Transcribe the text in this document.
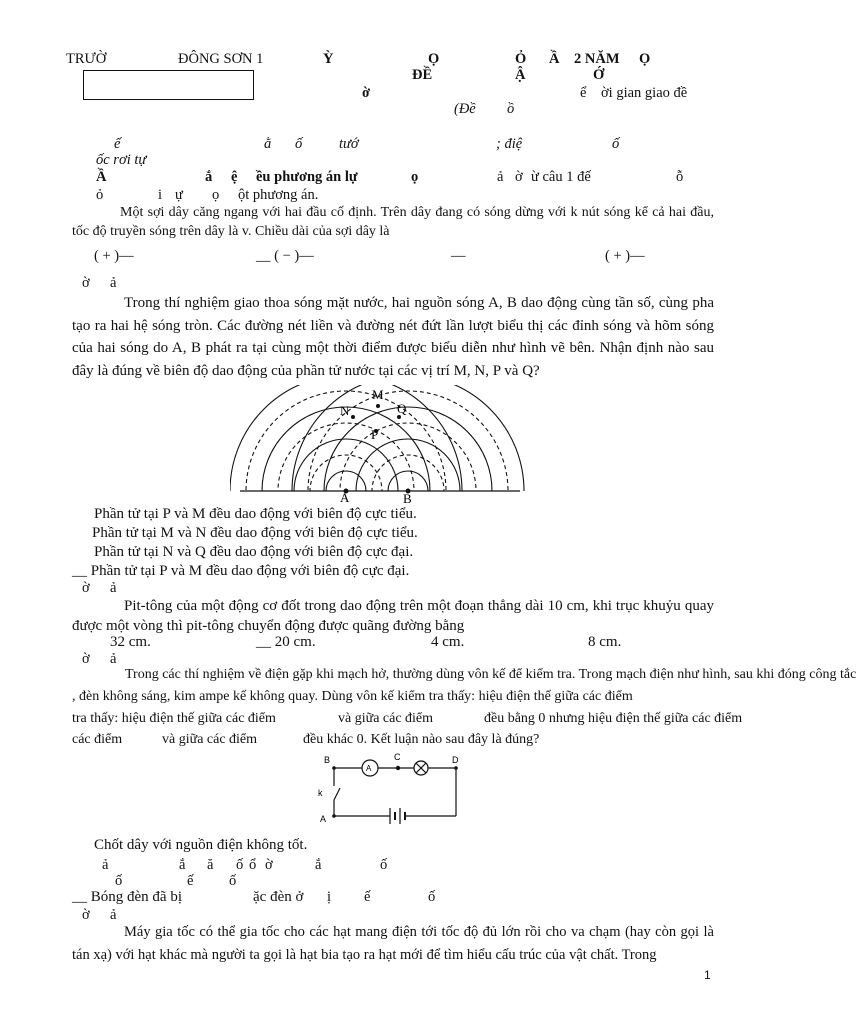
TRƯỜ	ĐÔNG SƠN 1	Ỳ	Ọ	Ỏ Ầ 2 NĂM Ọ
ĐỀ	Ậ	Ớ
ờ	ể ời gian giao đề
(Đề ồ
ế	ằ ố	tướ	; điệ	ố
ốc rơi tự
Ầ	ắ ệ ều phương án lự	ọ	ả ờ ừ câu 1 đế	ỗ
ỏ	i ự ọ ột phương án.
Một sợi dây căng ngang với hai đầu cố định. Trên dây đang có sóng dừng với k nút sóng kể cả hai đầu, tốc độ truyền sóng trên dây là v. Chiều dài của sợi dây là
( + )—	__ ( − )—	—	( + )—
ờ ả
Trong thí nghiệm giao thoa sóng mặt nước, hai nguồn sóng A, B dao động cùng tần số, cùng pha tạo ra hai hệ sóng tròn. Các đường nét liền và đường nét đứt lần lượt biểu thị các đỉnh sóng và hõm sóng của hai sóng do A, B phát ra tại cùng một thời điểm được biểu diễn như hình vẽ bên. Nhận định nào sau đây là đúng về biên độ dao động của phần tử nước tại các vị trí M, N, P và Q?
M
N	Q
P
A	B
Phần tử tại P và M đều dao động với biên độ cực tiểu.
Phần tử tại M và N đều dao động với biên độ cực tiểu.
Phần tử tại N và Q đều dao động với biên độ cực đại.
__ Phần tử tại P và M đều dao động với biên độ cực đại.
ờ ả
Pit-tông của một động cơ đốt trong dao động trên một đoạn thẳng dài 10 cm, khi trục khuỷu quay được một vòng thì pit-tông chuyển động được quãng đường bằng
32 cm.	__ 20 cm.	4 cm.	8 cm.
ờ ả
Trong các thí nghiệm về điện gặp khi mạch hở, thường dùng vôn kế để kiểm tra. Trong mạch điện như hình, sau khi đóng công tắc
, đèn không sáng, kim ampe kế không quay. Dùng vôn kế kiểm tra thấy: hiệu điện thế giữa các điểm
tra thấy: hiệu điện thế giữa các điểm	và giữa các điểm	đều bằng 0 nhưng hiệu điện thế giữa các điểm
các điểm	và giữa các điểm	đều khác 0. Kết luận nào sau đây là đúng?
B	C	D
k
A
A
Chốt dây với nguồn điện không tốt.
ả	ắ ă ố ổ ờ	ắ	ố
ố	ế ố
__ Bóng đèn đã bị	ặc đèn ở ị ế	ố
ờ ả
Máy gia tốc có thể gia tốc cho các hạt mang điện tới tốc độ đủ lớn rồi cho va chạm (hay còn gọi là tán xạ) với hạt khác mà người ta gọi là hạt bia tạo ra hạt mới để tìm hiểu cấu trúc của vật chất. Trong
1
